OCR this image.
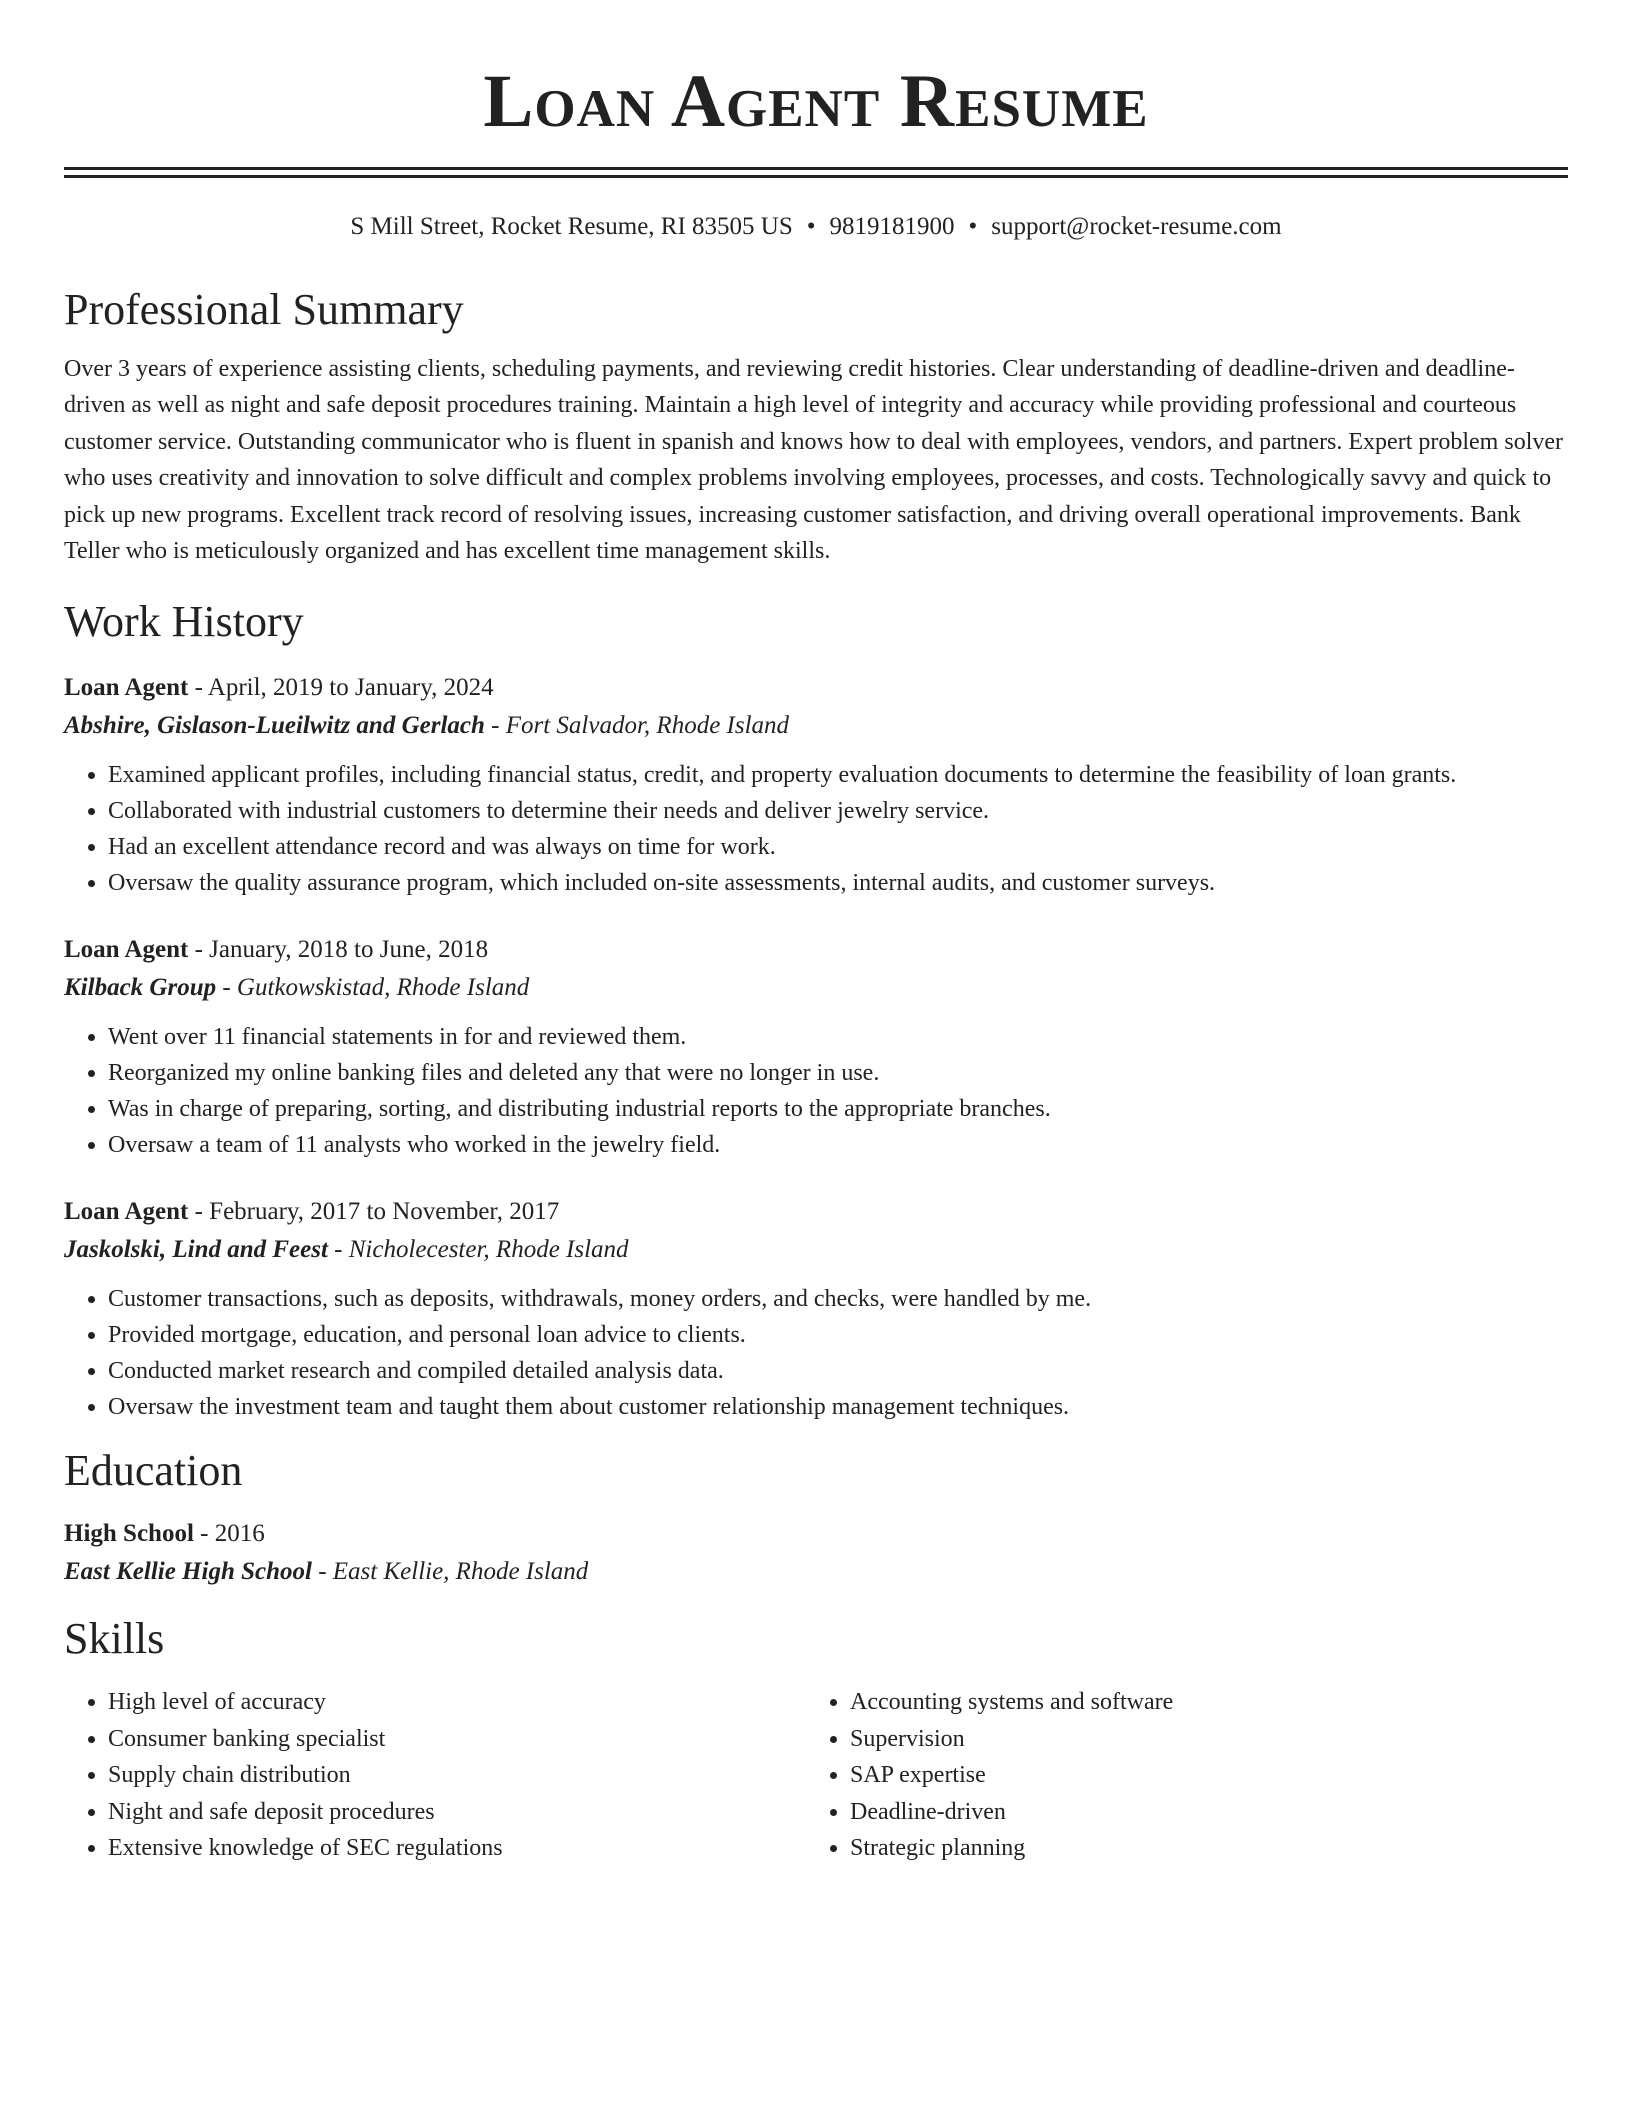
Loan Agent Resume
S Mill Street, Rocket Resume, RI 83505 US • 9819181900 • support@rocket-resume.com
Professional Summary

Over 3 years of experience assisting clients, scheduling payments, and reviewing credit histories. Clear understanding of deadline-driven and deadline-driven as well as night and safe deposit procedures training. Maintain a high level of integrity and accuracy while providing professional and courteous customer service. Outstanding communicator who is fluent in spanish and knows how to deal with employees, vendors, and partners. Expert problem solver who uses creativity and innovation to solve difficult and complex problems involving employees, processes, and costs. Technologically savvy and quick to pick up new programs. Excellent track record of resolving issues, increasing customer satisfaction, and driving overall operational improvements. Bank Teller who is meticulously organized and has excellent time management skills.

Work History
Loan Agent - April, 2019 to January, 2024
Abshire, Gislason-Lueilwitz and Gerlach - Fort Salvador, Rhode Island
• Examined applicant profiles, including financial status, credit, and property evaluation documents to determine the feasibility of loan grants.
• Collaborated with industrial customers to determine their needs and deliver jewelry service.
• Had an excellent attendance record and was always on time for work.
• Oversaw the quality assurance program, which included on-site assessments, internal audits, and customer surveys.
Loan Agent - January, 2018 to June, 2018
Kilback Group - Gutkowskistad, Rhode Island
• Went over 11 financial statements in for and reviewed them.
• Reorganized my online banking files and deleted any that were no longer in use.
• Was in charge of preparing, sorting, and distributing industrial reports to the appropriate branches.
• Oversaw a team of 11 analysts who worked in the jewelry field.
Loan Agent - February, 2017 to November, 2017
Jaskolski, Lind and Feest - Nicholecester, Rhode Island
• Customer transactions, such as deposits, withdrawals, money orders, and checks, were handled by me.
• Provided mortgage, education, and personal loan advice to clients.
• Conducted market research and compiled detailed analysis data.
• Oversaw the investment team and taught them about customer relationship management techniques.
Education
High School - 2016
East Kellie High School - East Kellie, Rhode Island
Skills
• High level of accuracy
• Consumer banking specialist
• Supply chain distribution
• Night and safe deposit procedures
• Extensive knowledge of SEC regulations
• Accounting systems and software
• Supervision
• SAP expertise
• Deadline-driven
• Strategic planning
